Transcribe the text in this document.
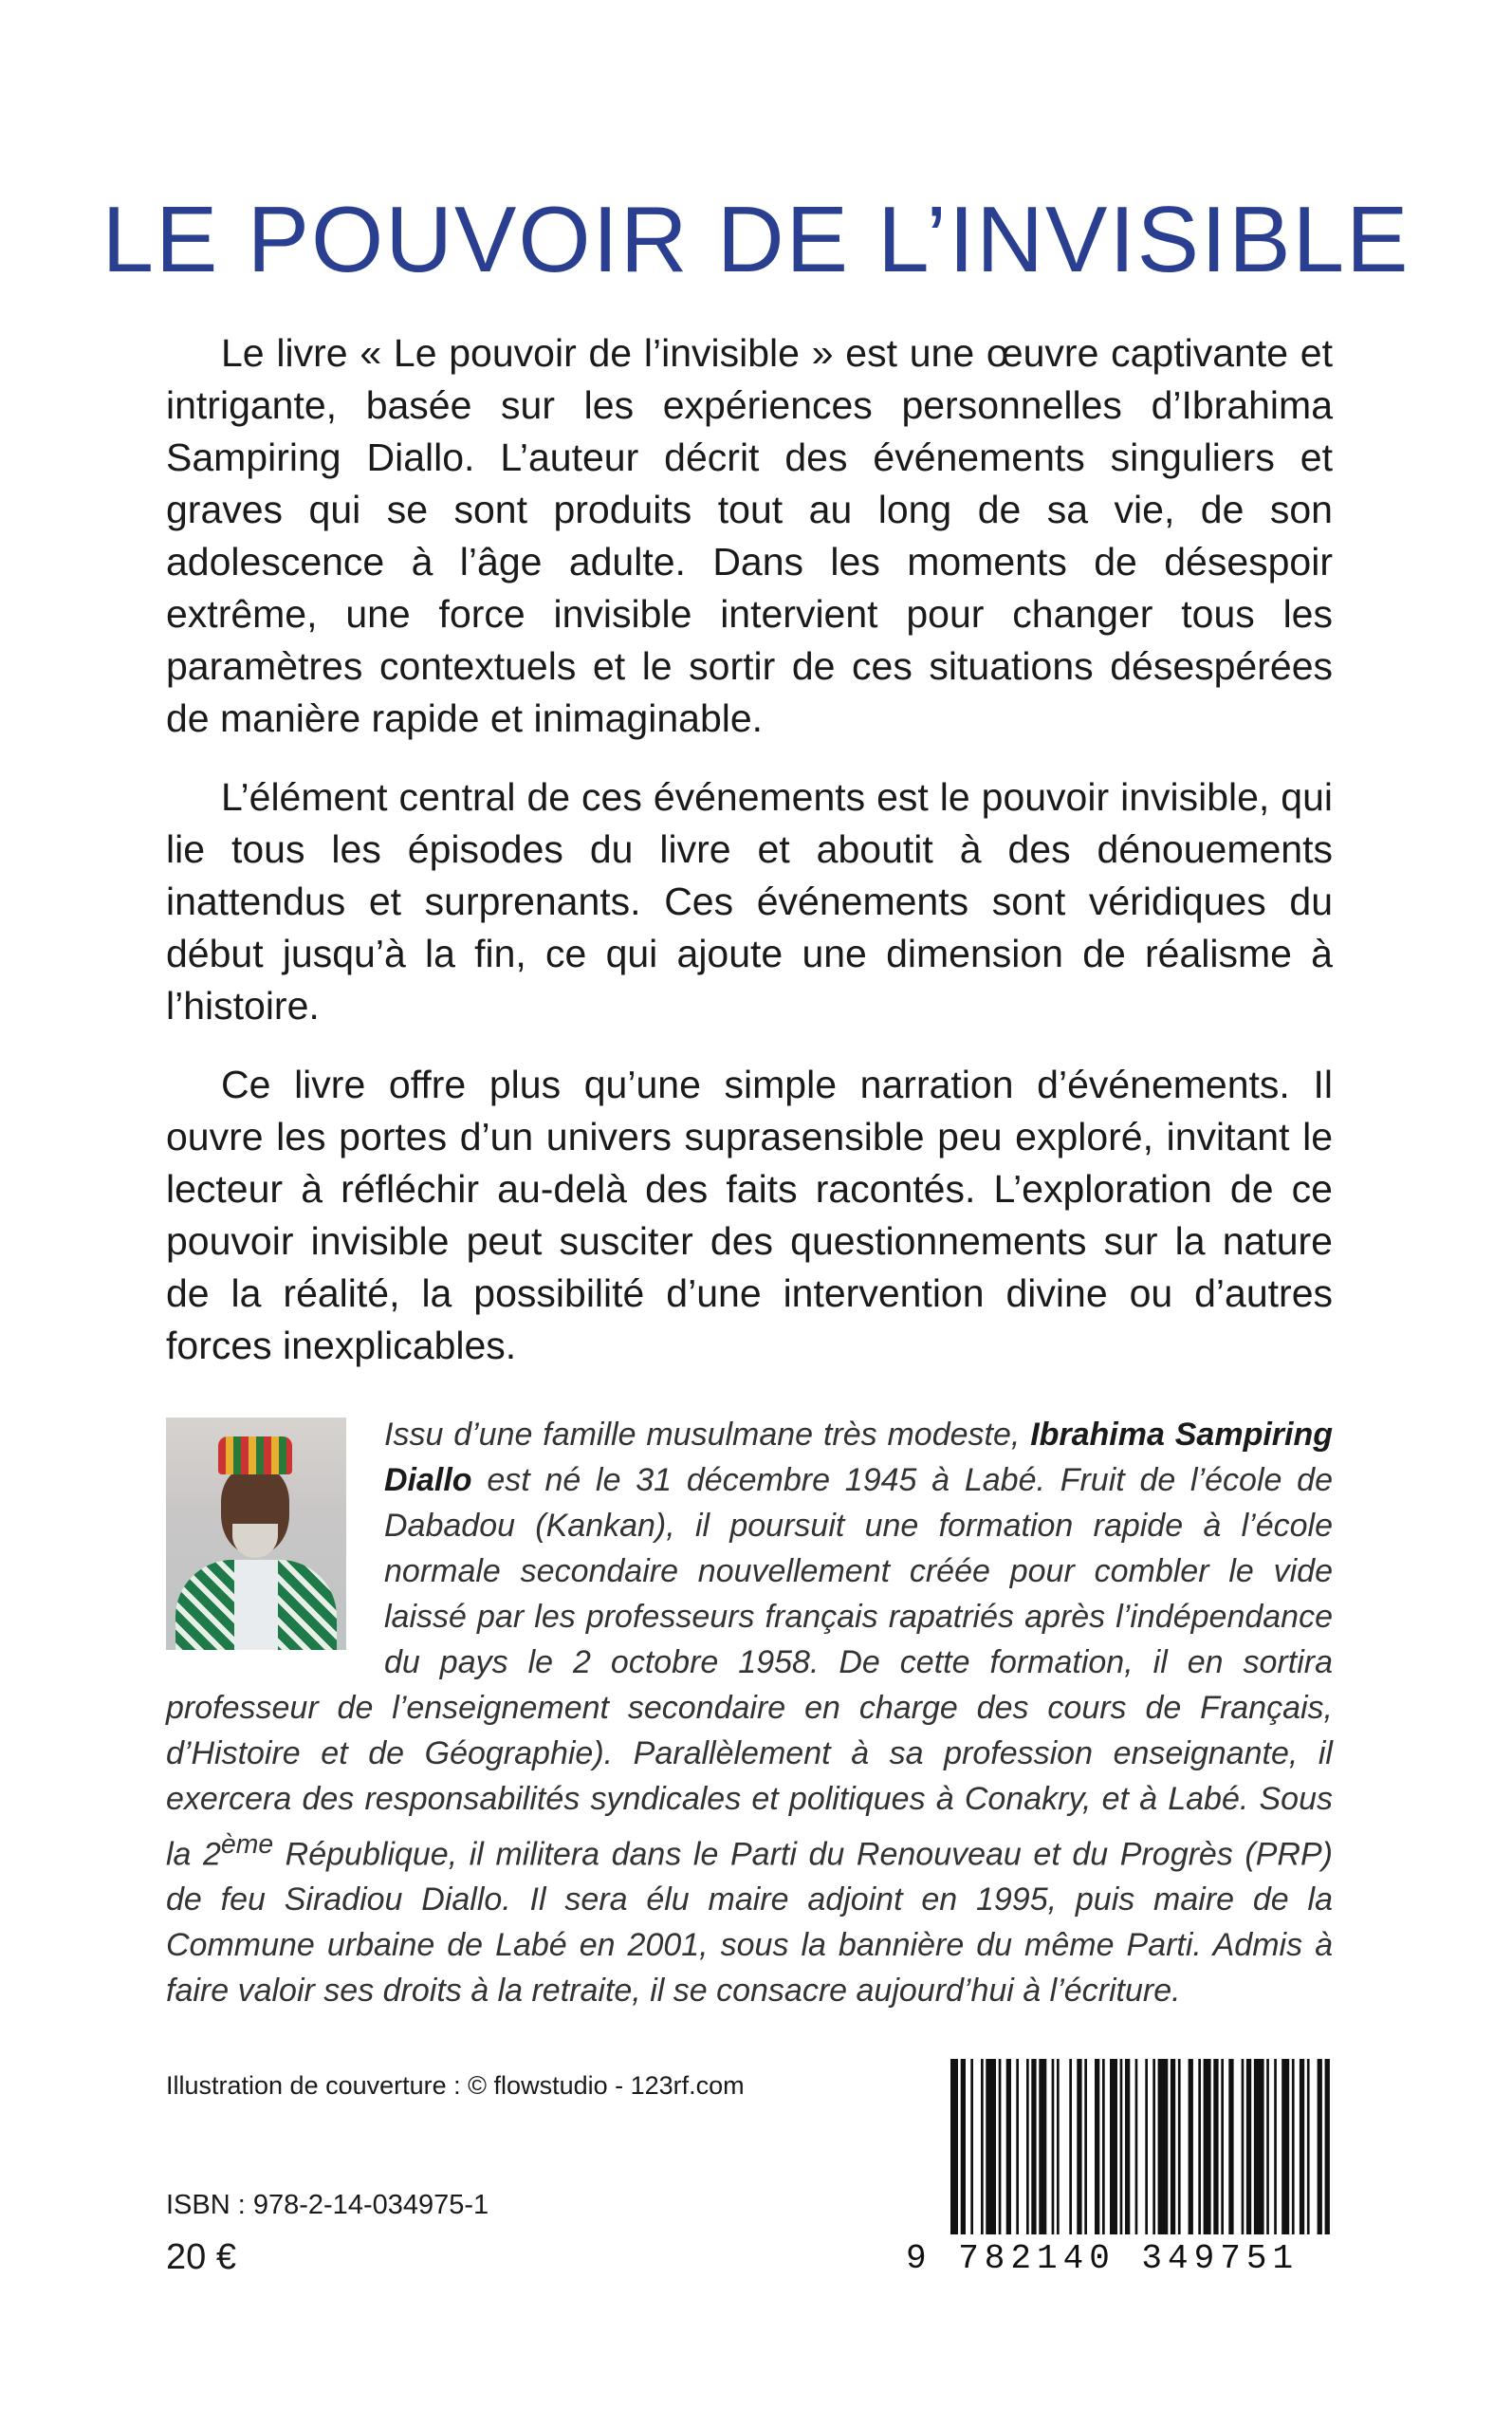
LE POUVOIR DE L’INVISIBLE

Le livre « Le pouvoir de l’invisible » est une œuvre captivante et intrigante, basée sur les expériences personnelles d’Ibrahima Sampiring Diallo. L’auteur décrit des événements singuliers et graves qui se sont produits tout au long de sa vie, de son adolescence à l’âge adulte. Dans les moments de désespoir extrême, une force invisible intervient pour changer tous les paramètres contextuels et le sortir de ces situations désespérées de manière rapide et inimaginable.

L’élément central de ces événements est le pouvoir invisible, qui lie tous les épisodes du livre et aboutit à des dénouements inattendus et surprenants. Ces événements sont véridiques du début jusqu’à la fin, ce qui ajoute une dimension de réalisme à l’histoire.

Ce livre offre plus qu’une simple narration d’événements. Il ouvre les portes d’un univers suprasensible peu exploré, invitant le lecteur à réfléchir au-delà des faits racontés. L’exploration de ce pouvoir invisible peut susciter des questionnements sur la nature de la réalité, la possibilité d’une intervention divine ou d’autres forces inexplicables.

Issu d’une famille musulmane très modeste, Ibrahima Sampiring Diallo est né le 31 décembre 1945 à Labé. Fruit de l’école de Dabadou (Kankan), il poursuit une formation rapide à l’école normale secondaire nouvellement créée pour combler le vide laissé par les professeurs français rapatriés après l’indépendance du pays le 2 octobre 1958. De cette formation, il en sortira professeur de l’enseignement secondaire en charge des cours de Français, d’Histoire et de Géographie). Parallèlement à sa profession enseignante, il exercera des responsabilités syndicales et politiques à Conakry, et à Labé. Sous la 2ème République, il militera dans le Parti du Renouveau et du Progrès (PRP) de feu Siradiou Diallo. Il sera élu maire adjoint en 1995, puis maire de la Commune urbaine de Labé en 2001, sous la bannière du même Parti. Admis à faire valoir ses droits à la retraite, il se consacre aujourd’hui à l’écriture.
Illustration de couverture : © flowstudio - 123rf.com
ISBN : 978-2-14-034975-1
20 €	9 782140 349751
